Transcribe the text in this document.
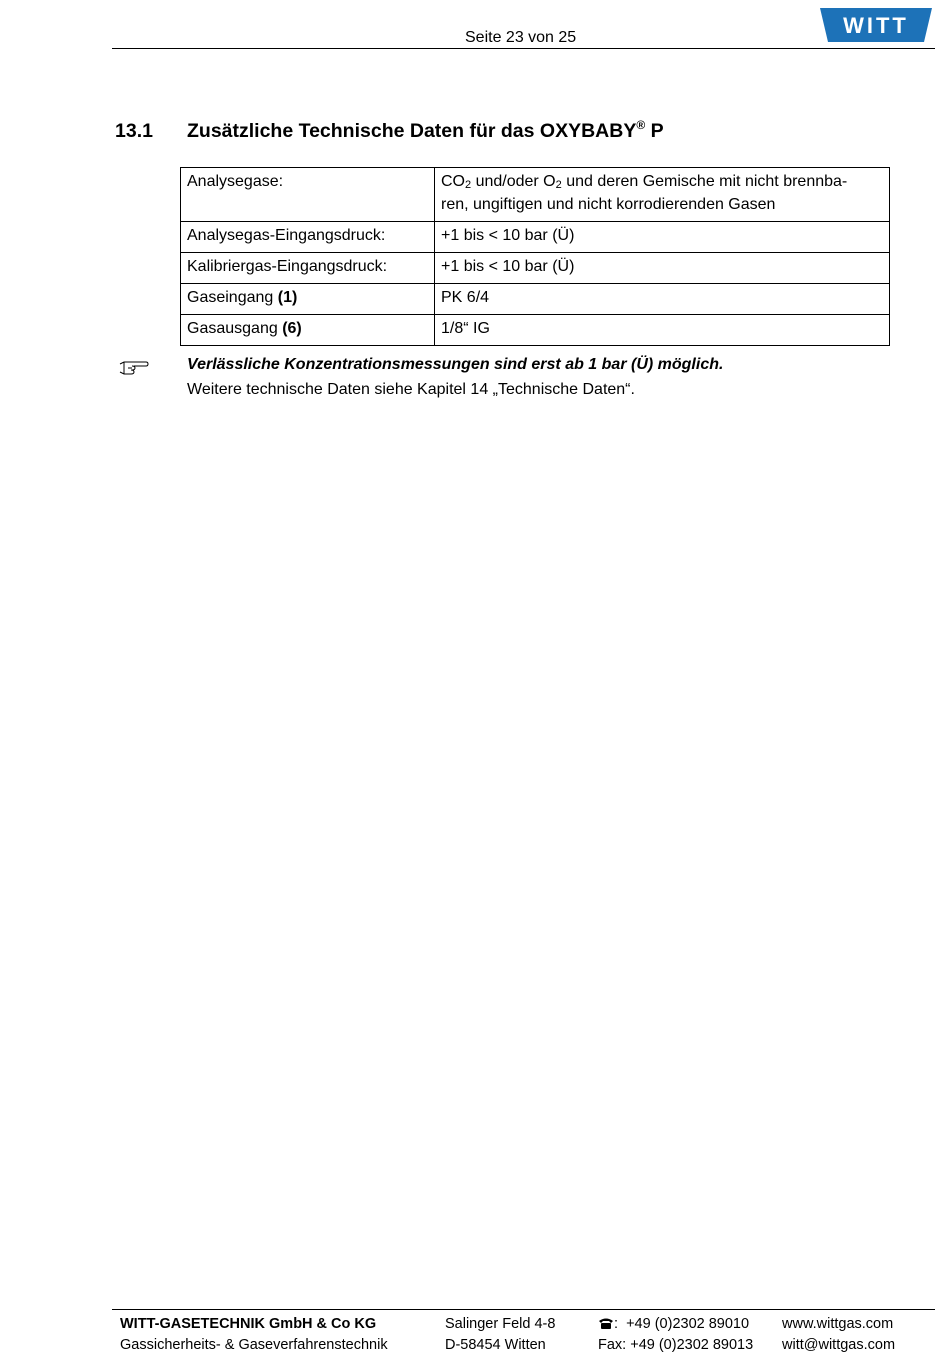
Seite 23 von 25	WITT
13.1 Zusätzliche Technische Daten für das OXYBABY® P
Analysegase:	$CO_2$ und/oder $O_2$ und deren Gemische mit nicht brennba-
ren, ungiftigen und nicht korrodierenden Gasen
Analysegas-Eingangsdruck:	+1 bis < 10 bar (Ü)
Kalibriergas-Eingangsdruck:	+1 bis < 10 bar (Ü)
Gaseingang (1)	PK 6/4
Gasausgang (6)	1/8“ IG
Verlässliche Konzentrationsmessungen sind erst ab 1 bar (Ü) möglich.
Weitere technische Daten siehe Kapitel 14 „Technische Daten“.
WITT-GASETECHNIK GmbH & Co KG
Gassicherheits- & Gaseverfahrenstechnik
Salinger Feld 4-8
D-58454 Witten
: +49 (0)2302 89010
Fax: +49 (0)2302 89013
www.wittgas.com
witt@wittgas.com
